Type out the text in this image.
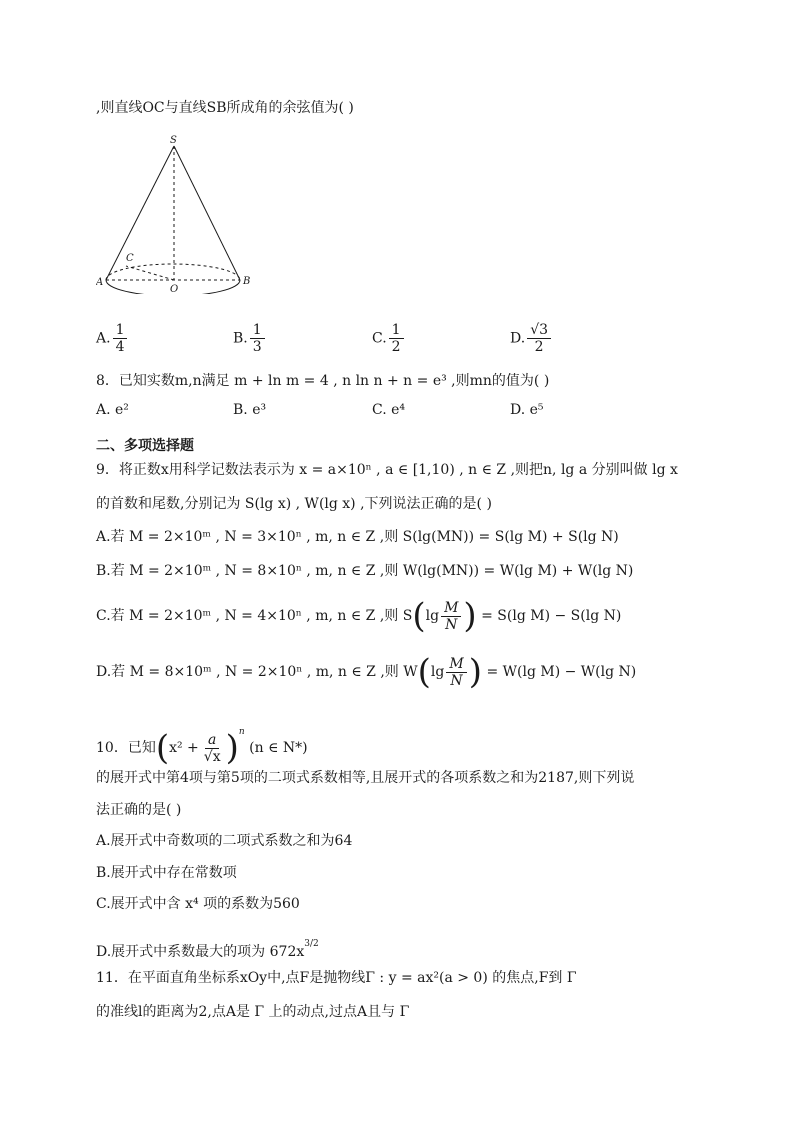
,则直线OC与直线SB所成角的余弦值为( )
S
C
A
O
B
A. $\frac{1}{4}$	B. $\frac{1}{3}$	C. $\frac{1}{2}$	D. $\frac{√3}{2}$
8．已知实数m,n满足 m + ln m = 4 , n ln n + n = e³ ,则mn的值为( )
A. e²	B. e³	C. e⁴	D. e⁵
二、多项选择题
9．将正数x用科学记数法表示为 x = a×10ⁿ , a ∈ [1,10) , n ∈ Z ,则把n, lg a 分别叫做 lg x
的首数和尾数,分别记为 S(lg x) , W(lg x) ,下列说法正确的是( )
A.若 M = 2×10ᵐ , N = 3×10ⁿ , m, n ∈ Z ,则 S(lg(MN)) = S(lg M) + S(lg N)
B.若 M = 2×10ᵐ , N = 8×10ⁿ , m, n ∈ Z ,则 W(lg(MN)) = W(lg M) + W(lg N)
C.若 M = 2×10ᵐ , N = 4×10ⁿ , m, n ∈ Z ,则 $S(\lg \frac{M}{N}$ ) = S(lg M) − S(lg N)
D.若 M = 8×10ᵐ , N = 2×10ⁿ , m, n ∈ Z ,则 $W(\lg \frac{M}{N}$ ) = W(lg M) − W(lg N)
10．已知$(x^2 + \frac{a}{√x} )^n$ (n ∈ N*)
的展开式中第4项与第5项的二项式系数相等,且展开式的各项系数之和为2187,则下列说
法正确的是( )
A.展开式中奇数项的二项式系数之和为64
B.展开式中存在常数项
C.展开式中含 x⁴ 项的系数为560
D.展开式中系数最大的项为 $672x^{3/2}$
11．在平面直角坐标系xOy中,点F是抛物线Γ : y = ax²(a > 0) 的焦点,F到 Γ
的准线l的距离为2,点A是 Γ 上的动点,过点A且与 Γ
